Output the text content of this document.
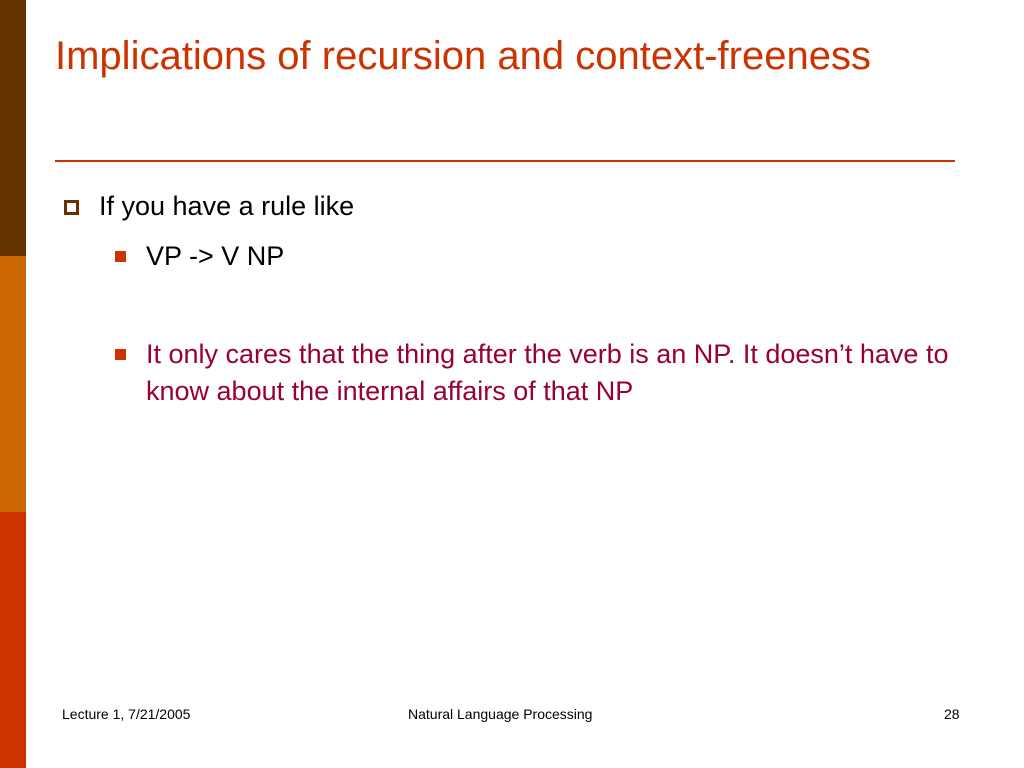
Implications of recursion and context-freeness
If you have a rule like
VP -> V NP
It only cares that the thing after the verb is an NP. It doesn’t have to know about the internal affairs of that NP
Lecture 1, 7/21/2005	Natural Language Processing	28
